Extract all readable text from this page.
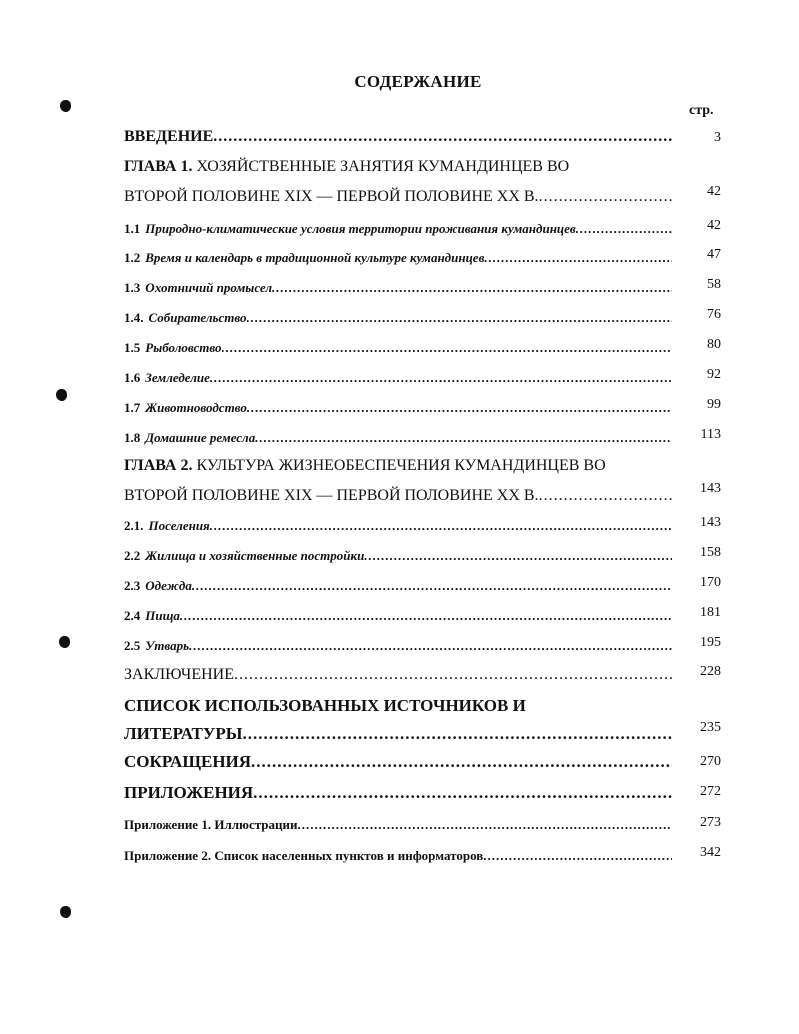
СОДЕРЖАНИЕ
стр.
ВВЕДЕНИЕ .....	3
ГЛАВА 1. ХОЗЯЙСТВЕННЫЕ ЗАНЯТИЯ КУМАНДИНЦЕВ ВО
ВТОРОЙ ПОЛОВИНЕ XIX — ПЕРВОЙ ПОЛОВИНЕ XX В. .....	42
1.1 Природно-климатические условия территории проживания кумандинцев .....	42
1.2 Время и календарь в традиционной культуре кумандинцев .....	47
1.3 Охотничий промысел .....	58
1.4. Собирательство .....	76
1.5 Рыболовство .....	80
1.6 Земледелие .....	92
1.7 Животноводство .....	99
1.8 Домашние ремесла .....	113
ГЛАВА 2. КУЛЬТУРА ЖИЗНЕОБЕСПЕЧЕНИЯ КУМАНДИНЦЕВ ВО
ВТОРОЙ ПОЛОВИНЕ XIX — ПЕРВОЙ ПОЛОВИНЕ XX В. .....	143
2.1. Поселения .....	143
2.2 Жилища и хозяйственные постройки .....	158
2.3 Одежда .....	170
2.4 Пища .....	181
2.5 Утварь .....	195
ЗАКЛЮЧЕНИЕ .....	228
СПИСОК ИСПОЛЬЗОВАННЫХ ИСТОЧНИКОВ И
ЛИТЕРАТУРЫ .....	235
СОКРАЩЕНИЯ .....	270
ПРИЛОЖЕНИЯ .....	272
Приложение 1. Иллюстрации .....	273
Приложение 2. Список населенных пунктов и информаторов .....	342
